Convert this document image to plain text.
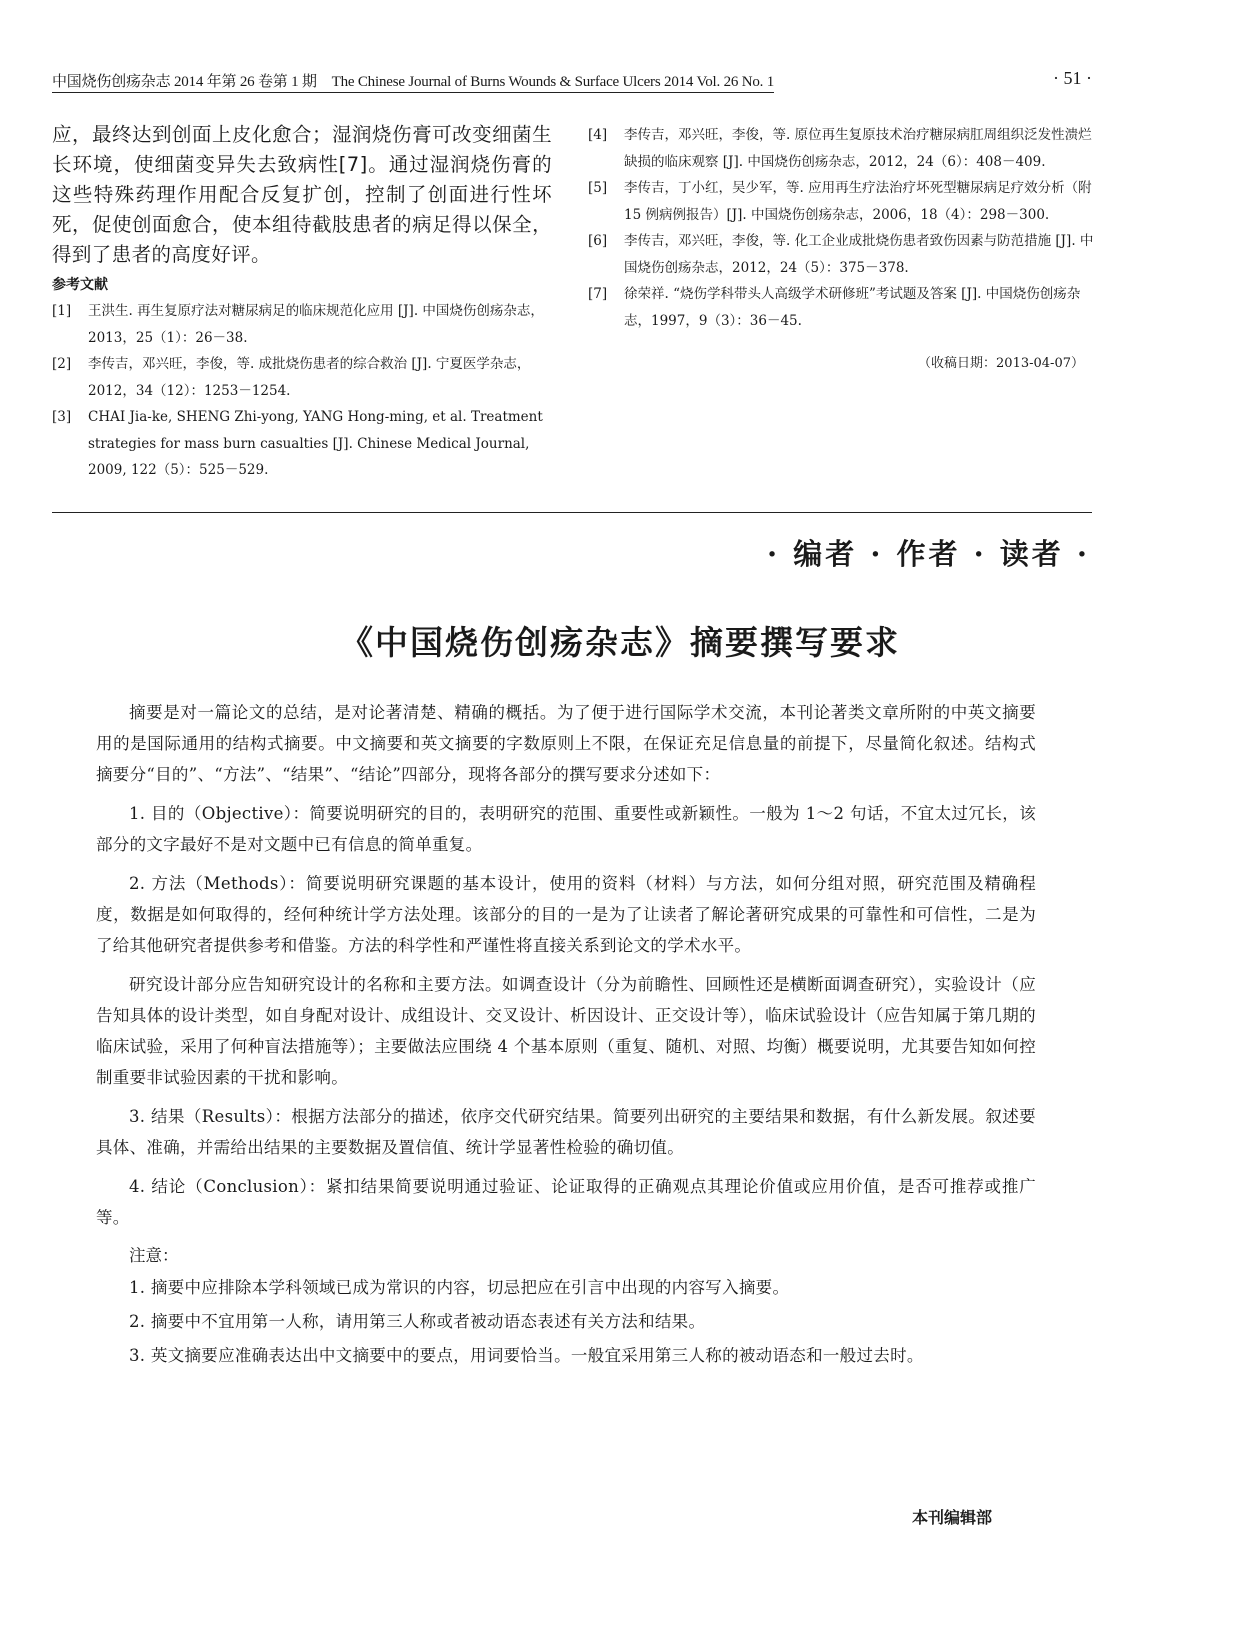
中国烧伤创疡杂志 2014 年第 26 卷第 1 期　The Chinese Journal of Burns Wounds & Surface Ulcers 2014 Vol. 26 No. 1	· 51 ·

应，最终达到创面上皮化愈合；湿润烧伤膏可改变细菌生长环境，使细菌变异失去致病性[7]。通过湿润烧伤膏的这些特殊药理作用配合反复扩创，控制了创面进行性坏死，促使创面愈合，使本组待截肢患者的病足得以保全，得到了患者的高度好评。

参考文献

[1] 王洪生. 再生复原疗法对糖尿病足的临床规范化应用 [J]. 中国烧伤创疡杂志，2013，25（1）：26－38.

[2] 李传吉，邓兴旺，李俊，等. 成批烧伤患者的综合救治 [J]. 宁夏医学杂志，2012，34（12）：1253－1254.

[3] CHAI Jia-ke, SHENG Zhi-yong, YANG Hong-ming, et al. Treatment strategies for mass burn casualties [J]. Chinese Medical Journal, 2009, 122（5）：525－529.

[4] 李传吉，邓兴旺，李俊，等. 原位再生复原技术治疗糖尿病肛周组织泛发性溃烂缺损的临床观察 [J]. 中国烧伤创疡杂志，2012，24（6）：408－409.

[5] 李传吉，丁小红，吴少军，等. 应用再生疗法治疗坏死型糖尿病足疗效分析（附 15 例病例报告）[J]. 中国烧伤创疡杂志，2006，18（4）：298－300.

[6] 李传吉，邓兴旺，李俊，等. 化工企业成批烧伤患者致伤因素与防范措施 [J]. 中国烧伤创疡杂志，2012，24（5）：375－378.

[7] 徐荣祥. “烧伤学科带头人高级学术研修班”考试题及答案 [J]. 中国烧伤创疡杂志，1997，9（3）：36－45.

（收稿日期：2013-04-07）
· 编者 · 作者 · 读者 ·
《中国烧伤创疡杂志》摘要撰写要求

摘要是对一篇论文的总结，是对论著清楚、精确的概括。为了便于进行国际学术交流，本刊论著类文章所附的中英文摘要用的是国际通用的结构式摘要。中文摘要和英文摘要的字数原则上不限，在保证充足信息量的前提下，尽量简化叙述。结构式摘要分“目的”、“方法”、“结果”、“结论”四部分，现将各部分的撰写要求分述如下：

1. 目的（Objective）：简要说明研究的目的，表明研究的范围、重要性或新颖性。一般为 1～2 句话，不宜太过冗长，该部分的文字最好不是对文题中已有信息的简单重复。

2. 方法（Methods）：简要说明研究课题的基本设计，使用的资料（材料）与方法，如何分组对照，研究范围及精确程度，数据是如何取得的，经何种统计学方法处理。该部分的目的一是为了让读者了解论著研究成果的可靠性和可信性，二是为了给其他研究者提供参考和借鉴。方法的科学性和严谨性将直接关系到论文的学术水平。

研究设计部分应告知研究设计的名称和主要方法。如调查设计（分为前瞻性、回顾性还是横断面调查研究），实验设计（应告知具体的设计类型，如自身配对设计、成组设计、交叉设计、析因设计、正交设计等），临床试验设计（应告知属于第几期的临床试验，采用了何种盲法措施等）；主要做法应围绕 4 个基本原则（重复、随机、对照、均衡）概要说明，尤其要告知如何控制重要非试验因素的干扰和影响。

3. 结果（Results）：根据方法部分的描述，依序交代研究结果。简要列出研究的主要结果和数据，有什么新发展。叙述要具体、准确，并需给出结果的主要数据及置信值、统计学显著性检验的确切值。

4. 结论（Conclusion）：紧扣结果简要说明通过验证、论证取得的正确观点其理论价值或应用价值，是否可推荐或推广等。

注意：

1. 摘要中应排除本学科领域已成为常识的内容，切忌把应在引言中出现的内容写入摘要。

2. 摘要中不宜用第一人称，请用第三人称或者被动语态表述有关方法和结果。

3. 英文摘要应准确表达出中文摘要中的要点，用词要恰当。一般宜采用第三人称的被动语态和一般过去时。

本刊编辑部
